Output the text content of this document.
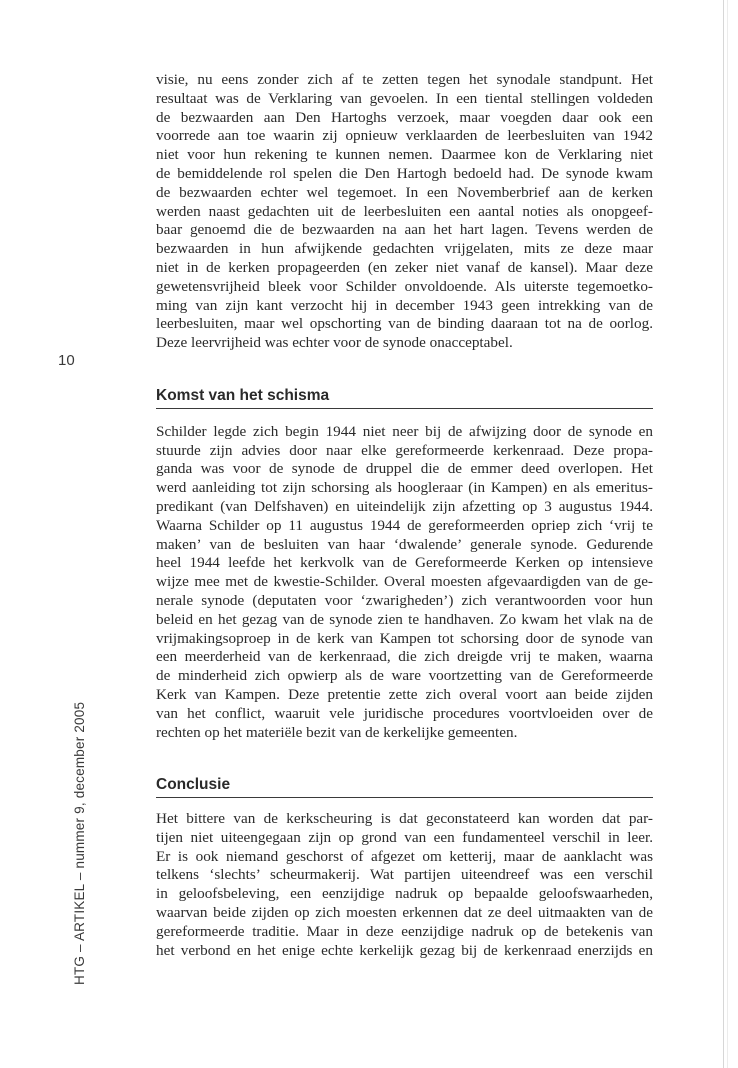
10
HTG – ARTIKEL – nummer 9, december 2005

visie, nu eens zonder zich af te zetten tegen het synodale standpunt. Het
resultaat was de Verklaring van gevoelen. In een tiental stellingen voldeden
de bezwaarden aan Den Hartoghs verzoek, maar voegden daar ook een
voorrede aan toe waarin zij opnieuw verklaarden de leerbesluiten van 1942
niet voor hun rekening te kunnen nemen. Daarmee kon de Verklaring niet
de bemiddelende rol spelen die Den Hartogh bedoeld had. De synode kwam
de bezwaarden echter wel tegemoet. In een Novemberbrief aan de kerken
werden naast gedachten uit de leerbesluiten een aantal noties als onopgeef-
baar genoemd die de bezwaarden na aan het hart lagen. Tevens werden de
bezwaarden in hun afwijkende gedachten vrijgelaten, mits ze deze maar
niet in de kerken propageerden (en zeker niet vanaf de kansel). Maar deze
gewetensvrijheid bleek voor Schilder onvoldoende. Als uiterste tegemoetko-
ming van zijn kant verzocht hij in december 1943 geen intrekking van de
leerbesluiten, maar wel opschorting van de binding daaraan tot na de oorlog.
Deze leervrijheid was echter voor de synode onacceptabel.

Komst van het schisma

Schilder legde zich begin 1944 niet neer bij de afwijzing door de synode en
stuurde zijn advies door naar elke gereformeerde kerkenraad. Deze propa-
ganda was voor de synode de druppel die de emmer deed overlopen. Het
werd aanleiding tot zijn schorsing als hoogleraar (in Kampen) en als emeritus-
predikant (van Delfshaven) en uiteindelijk zijn afzetting op 3 augustus 1944.
Waarna Schilder op 11 augustus 1944 de gereformeerden opriep zich ‘vrij te
maken’ van de besluiten van haar ‘dwalende’ generale synode. Gedurende
heel 1944 leefde het kerkvolk van de Gereformeerde Kerken op intensieve
wijze mee met de kwestie-Schilder. Overal moesten afgevaardigden van de ge-
nerale synode (deputaten voor ‘zwarigheden’) zich verantwoorden voor hun
beleid en het gezag van de synode zien te handhaven. Zo kwam het vlak na de
vrijmakingsoproep in de kerk van Kampen tot schorsing door de synode van
een meerderheid van de kerkenraad, die zich dreigde vrij te maken, waarna
de minderheid zich opwierp als de ware voortzetting van de Gereformeerde
Kerk van Kampen. Deze pretentie zette zich overal voort aan beide zijden
van het conflict, waaruit vele juridische procedures voortvloeiden over de
rechten op het materiële bezit van de kerkelijke gemeenten.

Conclusie

Het bittere van de kerkscheuring is dat geconstateerd kan worden dat par-
tijen niet uiteengegaan zijn op grond van een fundamenteel verschil in leer.
Er is ook niemand geschorst of afgezet om ketterij, maar de aanklacht was
telkens ‘slechts’ scheurmakerij. Wat partijen uiteendreef was een verschil
in geloofsbeleving, een eenzijdige nadruk op bepaalde geloofswaarheden,
waarvan beide zijden op zich moesten erkennen dat ze deel uitmaakten van de
gereformeerde traditie. Maar in deze eenzijdige nadruk op de betekenis van
het verbond en het enige echte kerkelijk gezag bij de kerkenraad enerzijds en
